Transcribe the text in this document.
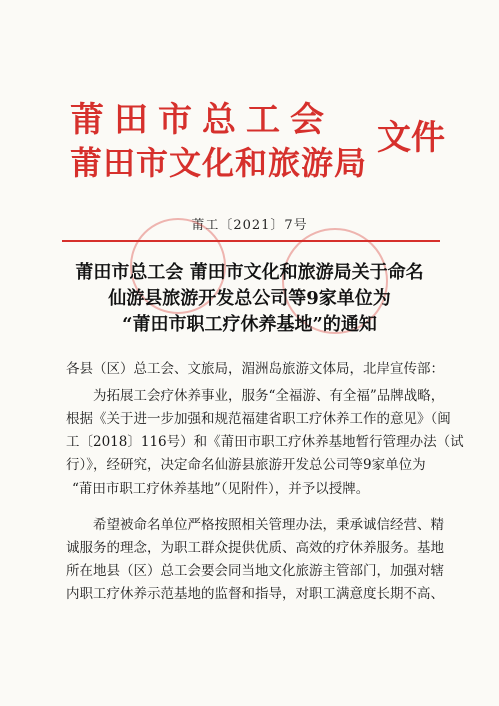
莆田市总工会
莆田市文化和旅游局
文件
莆工〔2021〕7号
莆田市总工会 莆田市文化和旅游局关于命名
仙游县旅游开发总公司等9家单位为
“莆田市职工疗休养基地”的通知
各县（区）总工会、文旅局，湄洲岛旅游文体局，北岸宣传部：
为拓展工会疗休养事业，服务“全福游、有全福”品牌战略，
根据《关于进一步加强和规范福建省职工疗休养工作的意见》（闽
工〔2018〕116号）和《莆田市职工疗休养基地暂行管理办法（试
行）》，经研究，决定命名仙游县旅游开发总公司等9家单位为
“莆田市职工疗休养基地”（见附件），并予以授牌。
希望被命名单位严格按照相关管理办法，秉承诚信经营、精
诚服务的理念，为职工群众提供优质、高效的疗休养服务。基地
所在地县（区）总工会要会同当地文化旅游主管部门，加强对辖
内职工疗休养示范基地的监督和指导，对职工满意度长期不高、
